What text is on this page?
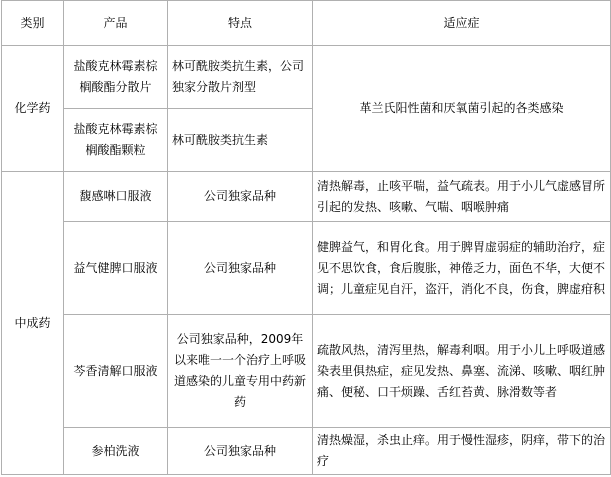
类别	产品	特点	适应症
化学药	盐酸克林霉素棕榈酸酯分散片	林可酰胺类抗生素，公司独家分散片剂型	革兰氏阳性菌和厌氧菌引起的各类感染
	盐酸克林霉素棕榈酸酯颗粒	林可酰胺类抗生素	
中成药	馥感啉口服液	公司独家品种	清热解毒，止咳平喘，益气疏表。用于小儿气虚感冒所引起的发热、咳嗽、气喘、咽喉肿痛
	益气健脾口服液	公司独家品种	健脾益气，和胃化食。用于脾胃虚弱症的辅助治疗，症见不思饮食，食后腹胀，神倦乏力，面色不华，大便不调；儿童症见自汗，盗汗，消化不良，伤食，脾虚疳积
	芩香清解口服液	公司独家品种，2009年以来唯一一个治疗上呼吸道感染的儿童专用中药新药	疏散风热，清泻里热，解毒利咽。用于小儿上呼吸道感染表里俱热症，症见发热、鼻塞、流涕、咳嗽、咽红肿痛、便秘、口干烦躁、舌红苔黄、脉滑数等者
	参柏洗液	公司独家品种	清热燥湿，杀虫止痒。用于慢性湿疹，阴痒，带下的治疗
